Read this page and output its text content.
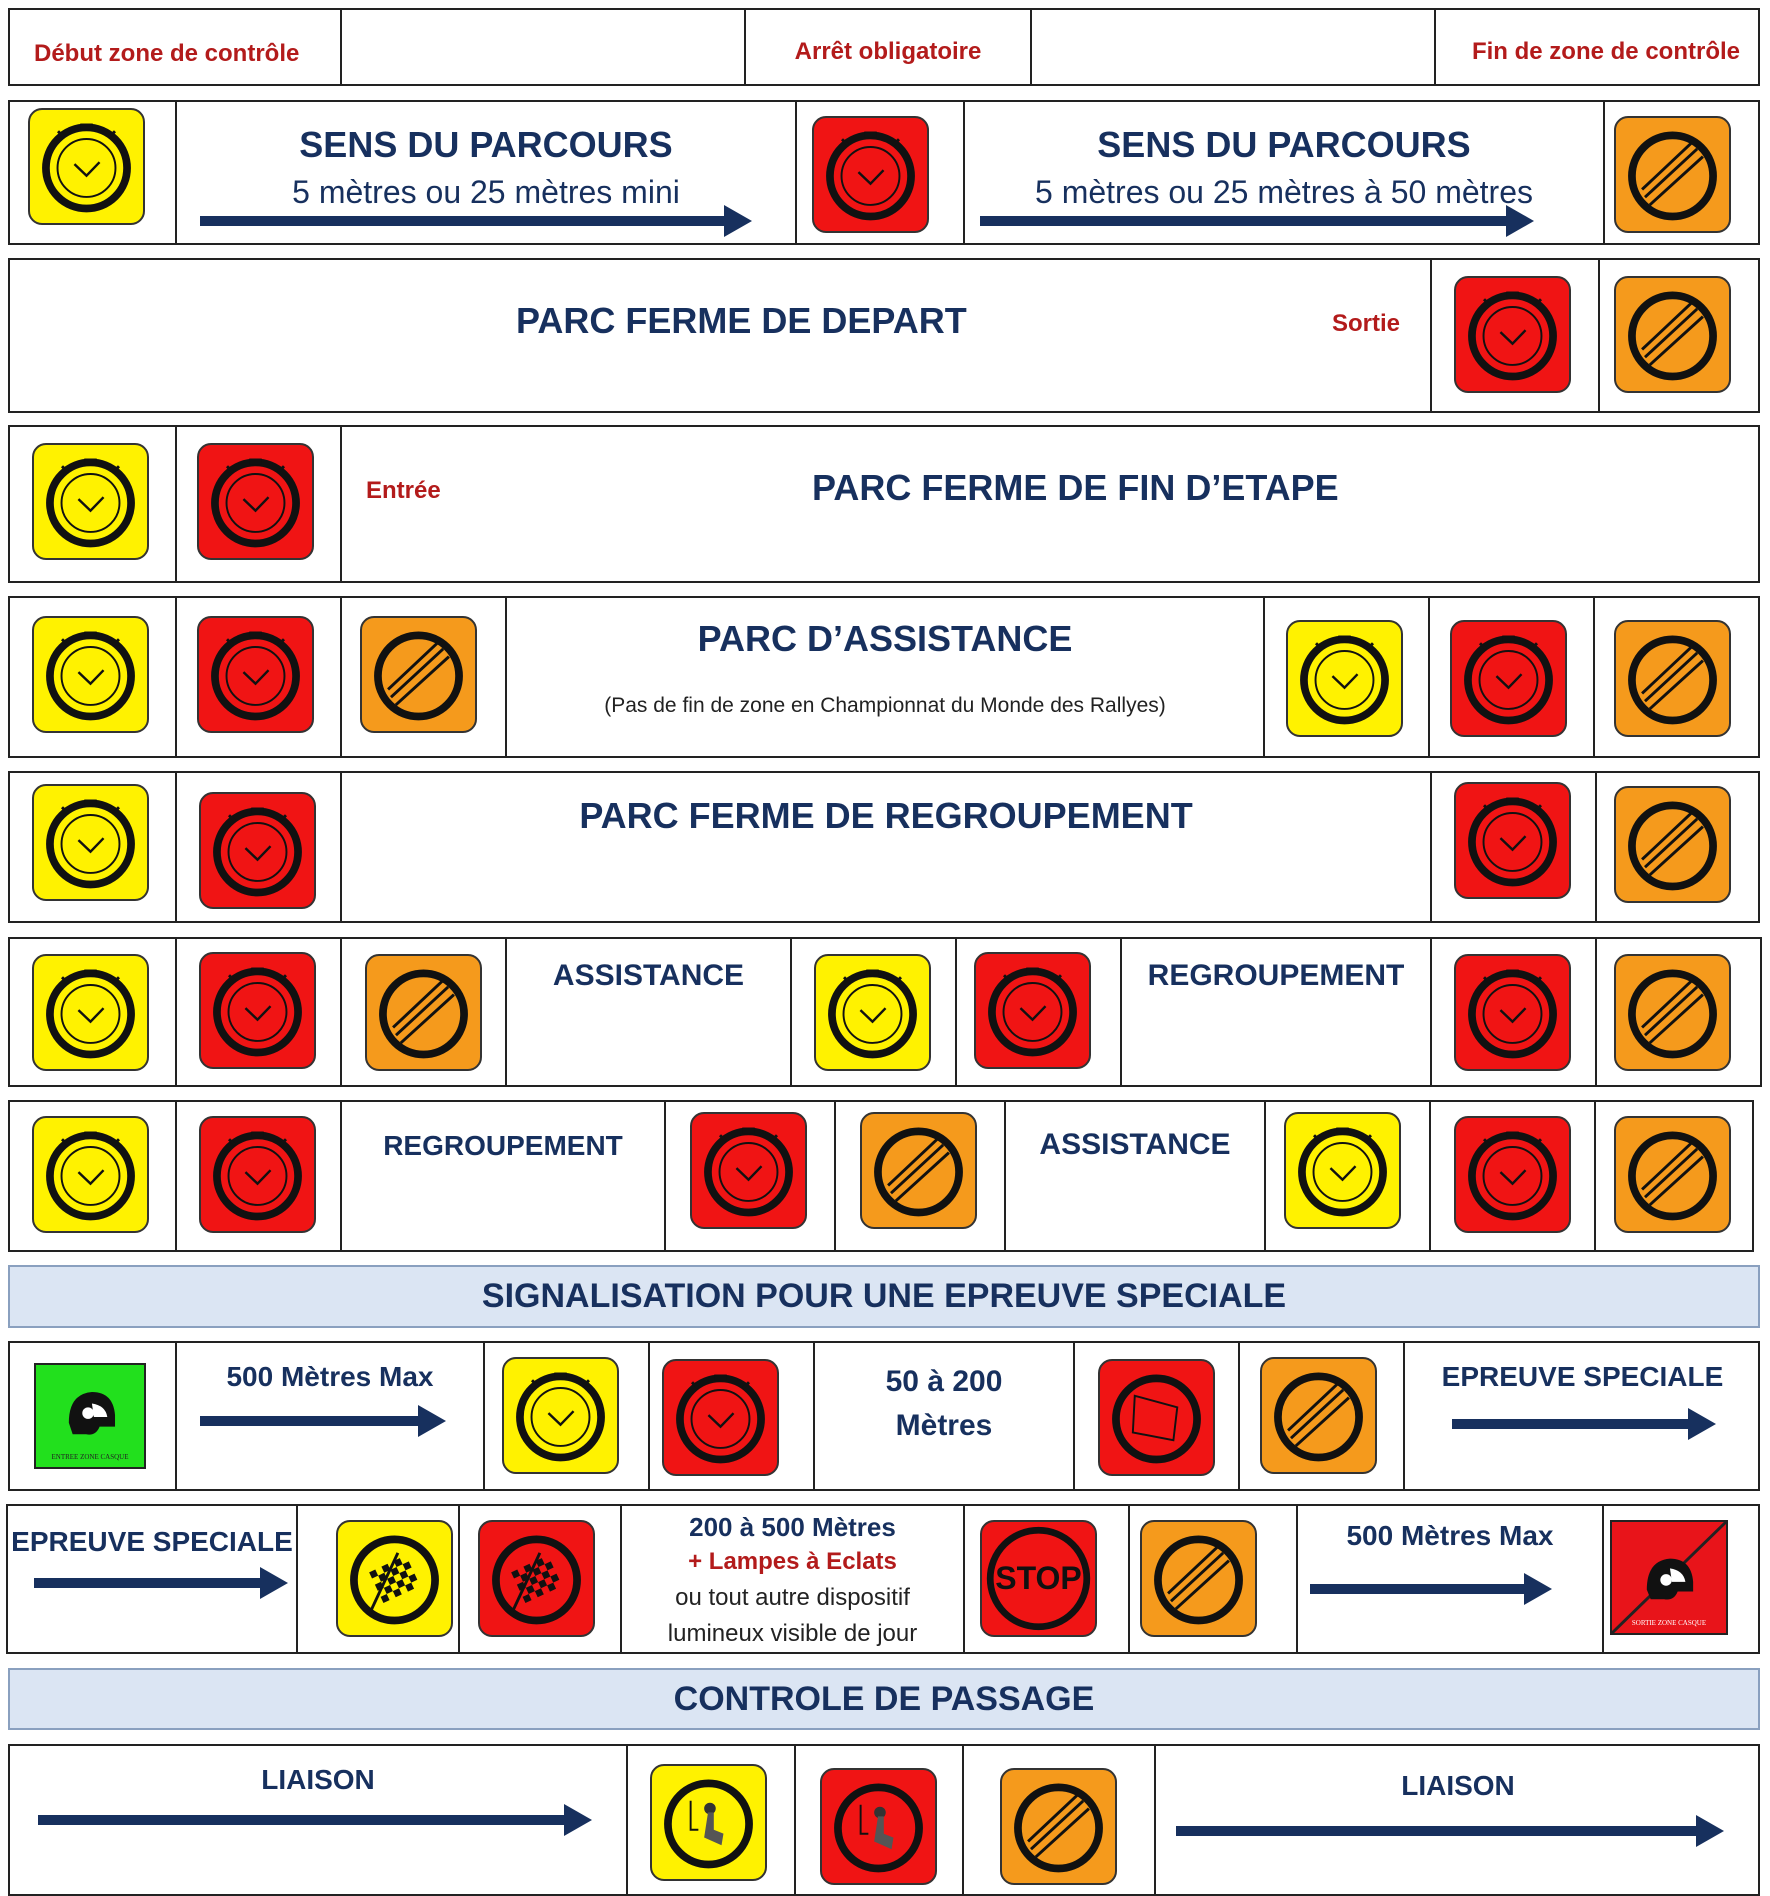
Début zone de contrôle	Arrêt obligatoire	Fin de zone de contrôle
SENS DU PARCOURS
5 mètres ou 25 mètres mini
SENS DU PARCOURS
5 mètres ou 25 mètres à 50 mètres
PARC FERME DE DEPART	Sortie
Entrée	PARC FERME DE FIN D’ETAPE
PARC D’ASSISTANCE
(Pas de fin de zone en Championnat du Monde des Rallyes)
PARC FERME DE REGROUPEMENT
ASSISTANCE	REGROUPEMENT
REGROUPEMENT	ASSISTANCE
SIGNALISATION POUR UNE EPREUVE SPECIALE
500 Mètres Max	50 à 200
Mètres
EPREUVE SPECIALE
EPREUVE SPECIALE	200 à 500 Mètres
+ Lampes à Eclats
ou tout autre dispositif
lumineux visible de jour
500 Mètres Max
CONTROLE DE PASSAGE
LIAISON	LIAISON
ENTREE ZONE CASQUE
SORTIE ZONE CASQUE
STOP
